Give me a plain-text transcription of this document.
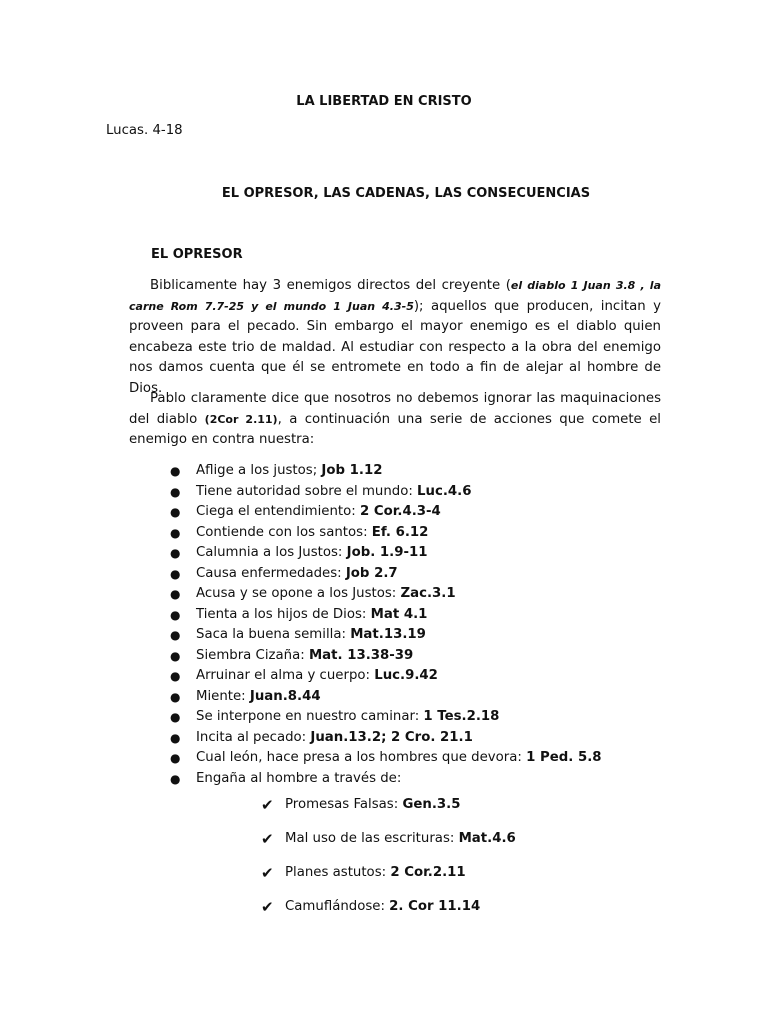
LA LIBERTAD EN CRISTO
Lucas. 4-18
EL OPRESOR, LAS CADENAS, LAS CONSECUENCIAS
EL OPRESOR

Biblicamente hay 3 enemigos directos del creyente (el diablo 1 Juan 3.8 , la carne Rom 7.7-25 y el mundo 1 Juan 4.3-5); aquellos que producen, incitan y proveen para el pecado. Sin embargo el mayor enemigo es el diablo quien encabeza este trio de maldad. Al estudiar con respecto a la obra del enemigo nos damos cuenta que él se entromete en todo a fin de alejar al hombre de Dios.

Pablo claramente dice que nosotros no debemos ignorar las maquinaciones del diablo (2Cor 2.11), a continuación una serie de acciones que comete el enemigo en contra nuestra:

● Aflige a los justos; Job 1.12
● Tiene autoridad sobre el mundo: Luc.4.6
● Ciega el entendimiento: 2 Cor.4.3-4
● Contiende con los santos: Ef. 6.12
● Calumnia a los Justos: Job. 1.9-11
● Causa enfermedades: Job 2.7
● Acusa y se opone a los Justos: Zac.3.1
● Tienta a los hijos de Dios: Mat 4.1
● Saca la buena semilla: Mat.13.19
● Siembra Cizaña: Mat. 13.38-39
● Arruinar el alma y cuerpo: Luc.9.42
● Miente: Juan.8.44
● Se interpone en nuestro caminar: 1 Tes.2.18
● Incita al pecado: Juan.13.2; 2 Cro. 21.1
● Cual león, hace presa a los hombres que devora: 1 Ped. 5.8
● Engaña al hombre a través de:
✔ Promesas Falsas: Gen.3.5
✔ Mal uso de las escrituras: Mat.4.6
✔ Planes astutos: 2 Cor.2.11
✔ Camuflándose: 2. Cor 11.14
